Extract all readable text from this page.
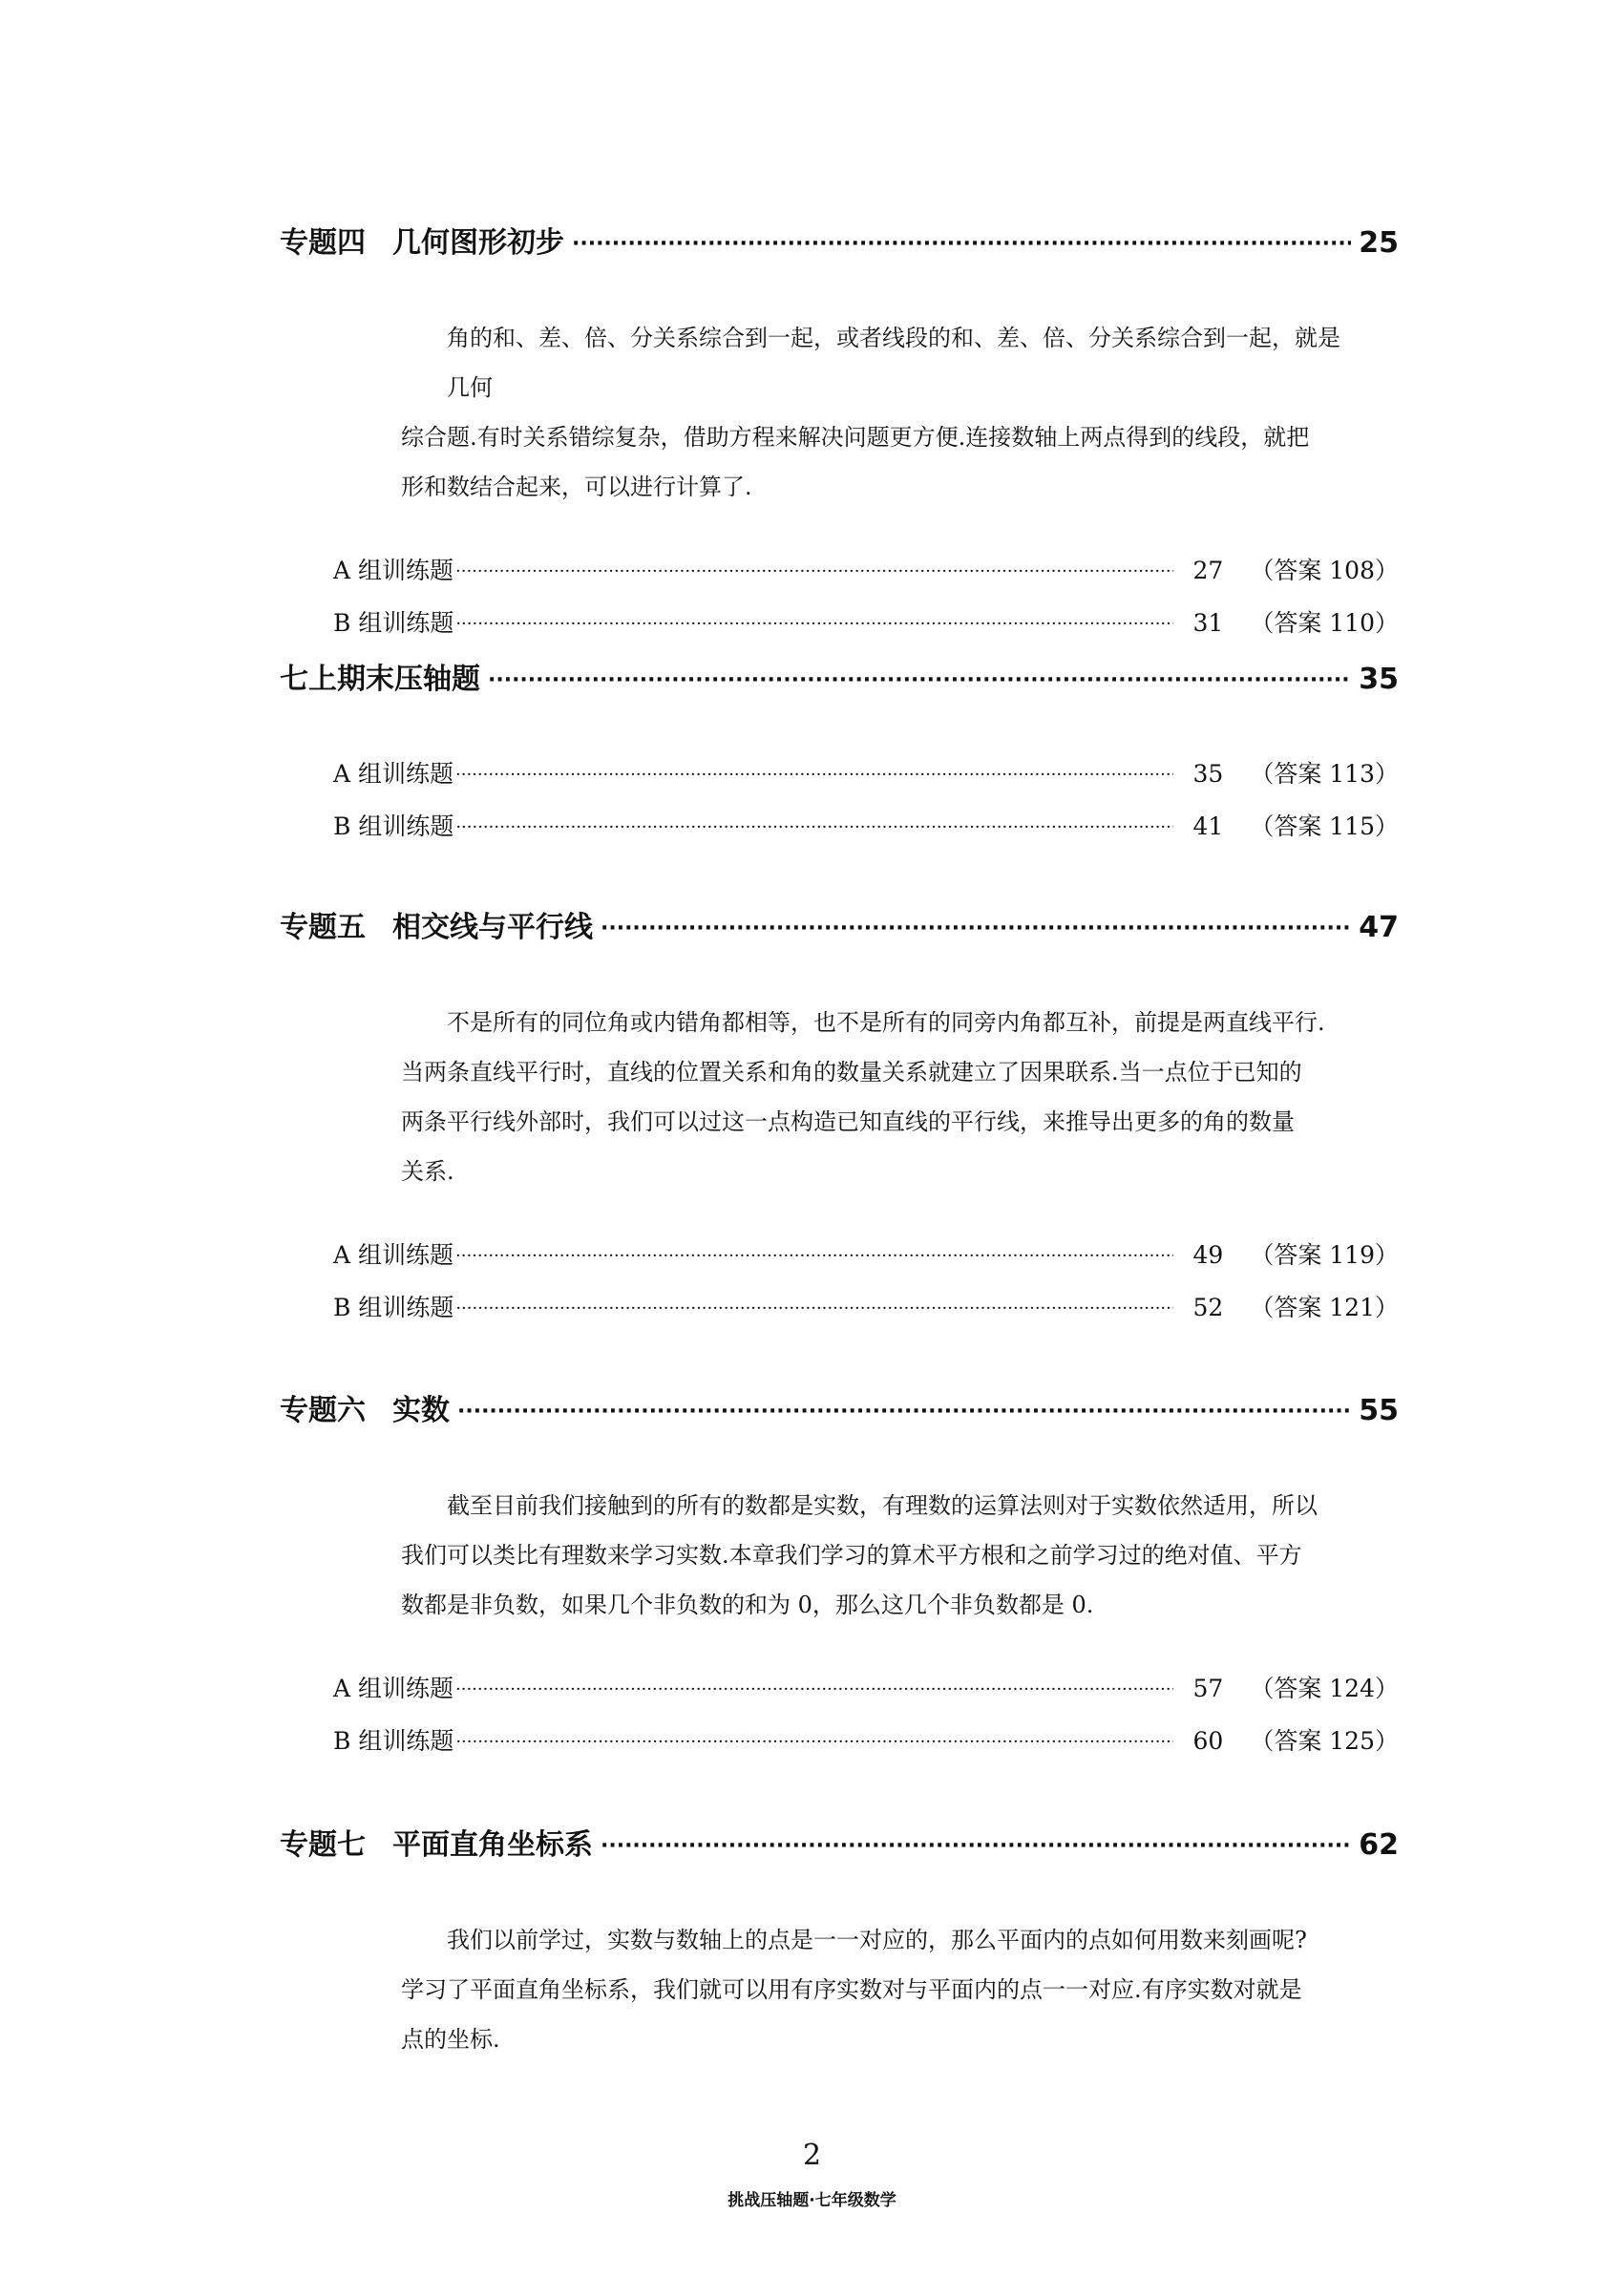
专题四 几何图形初步 ·····	25

角的和、差、倍、分关系综合到一起，或者线段的和、差、倍、分关系综合到一起，就是几何

综合题.有时关系错综复杂，借助方程来解决问题更方便.连接数轴上两点得到的线段，就把

形和数结合起来，可以进行计算了.

A 组训练题 ·····	27 （答案 108）
B 组训练题 ·····	31 （答案 110）
七上期末压轴题 ·····	35
A 组训练题 ·····	35 （答案 113）
B 组训练题 ·····	41 （答案 115）
专题五 相交线与平行线 ·····	47

不是所有的同位角或内错角都相等，也不是所有的同旁内角都互补，前提是两直线平行.

当两条直线平行时，直线的位置关系和角的数量关系就建立了因果联系.当一点位于已知的

两条平行线外部时，我们可以过这一点构造已知直线的平行线，来推导出更多的角的数量

关系.

A 组训练题 ·····	49 （答案 119）
B 组训练题 ·····	52 （答案 121）
专题六 实数 ·····	55

截至目前我们接触到的所有的数都是实数，有理数的运算法则对于实数依然适用，所以

我们可以类比有理数来学习实数.本章我们学习的算术平方根和之前学习过的绝对值、平方

数都是非负数，如果几个非负数的和为 0，那么这几个非负数都是 0.

A 组训练题 ·····	57 （答案 124）
B 组训练题 ·····	60 （答案 125）
专题七 平面直角坐标系 ·····	62

我们以前学过，实数与数轴上的点是一一对应的，那么平面内的点如何用数来刻画呢?

学习了平面直角坐标系，我们就可以用有序实数对与平面内的点一一对应.有序实数对就是

点的坐标.

2
挑战压轴题·七年级数学
